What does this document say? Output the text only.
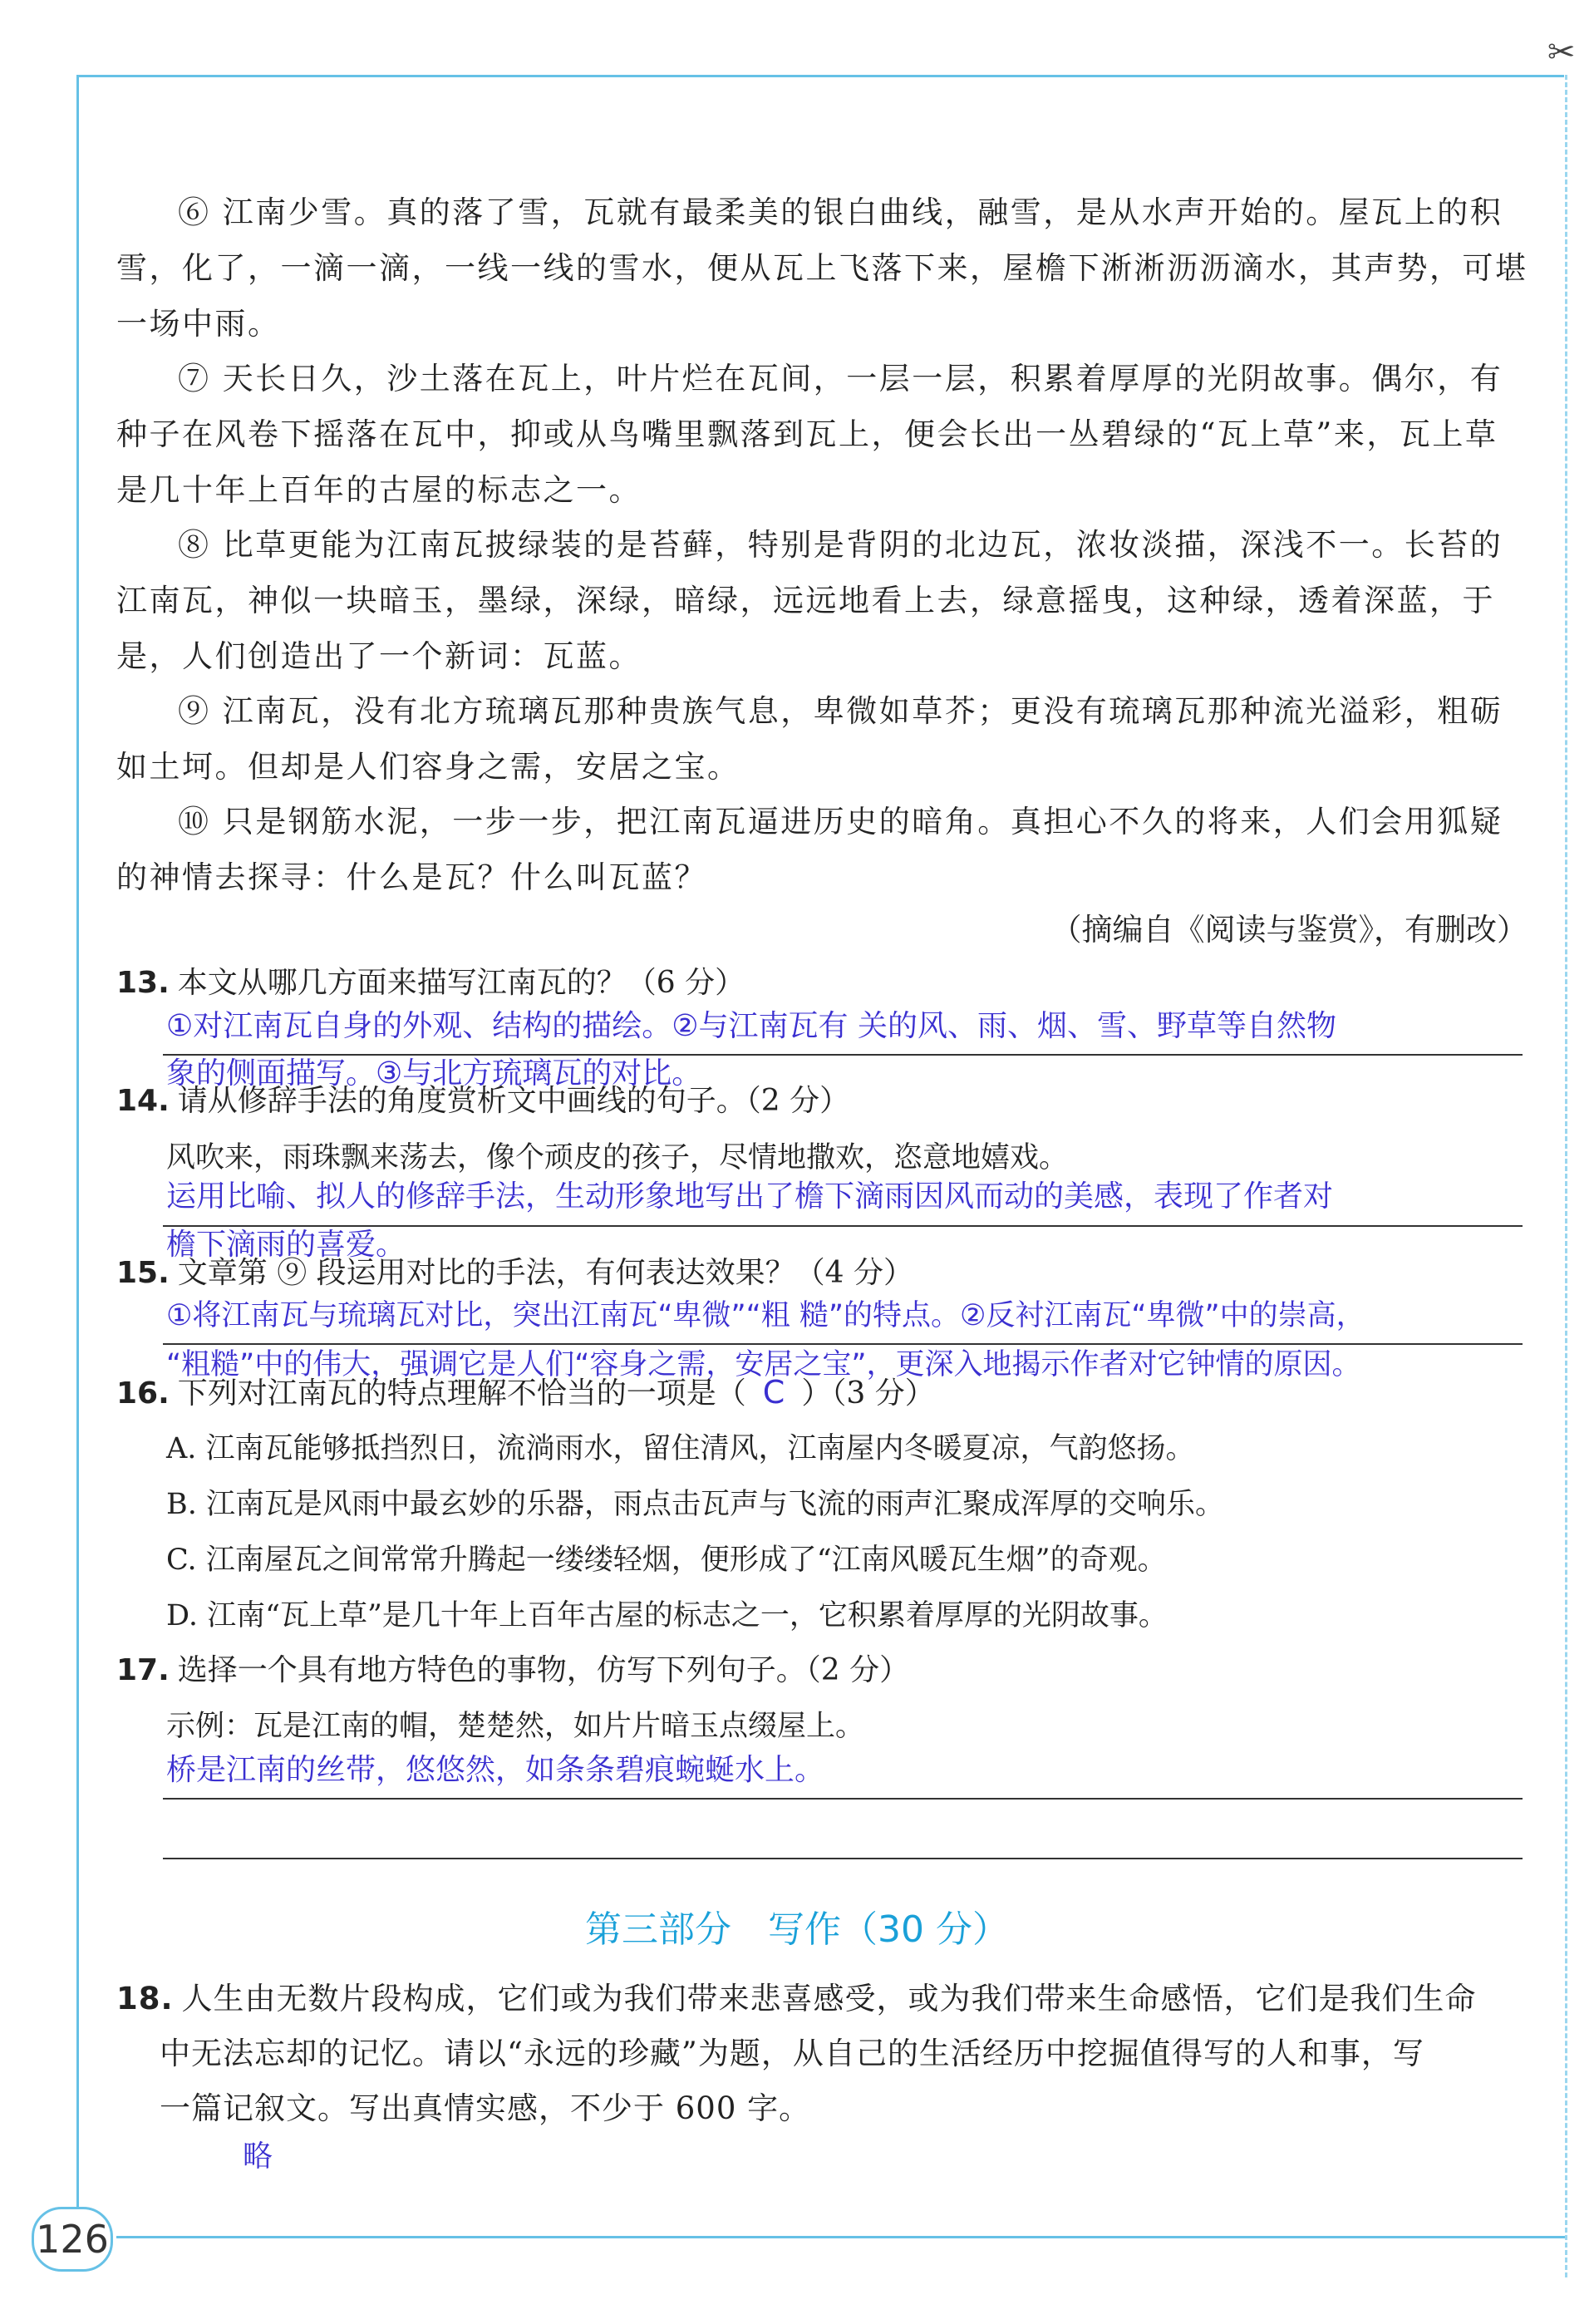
✂
⑥ 江南少雪。真的落了雪，瓦就有最柔美的银白曲线，融雪，是从水声开始的。屋瓦上的积雪，化了，一滴一滴，一线一线的雪水，便从瓦上飞落下来，屋檐下淅淅沥沥滴水，其声势，可堪一场中雨。
⑦ 天长日久，沙土落在瓦上，叶片烂在瓦间，一层一层，积累着厚厚的光阴故事。偶尔，有种子在风卷下摇落在瓦中，抑或从鸟嘴里飘落到瓦上，便会长出一丛碧绿的“瓦上草”来，瓦上草是几十年上百年的古屋的标志之一。
⑧ 比草更能为江南瓦披绿装的是苔藓，特别是背阴的北边瓦，浓妆淡描，深浅不一。长苔的江南瓦，神似一块暗玉，墨绿，深绿，暗绿，远远地看上去，绿意摇曳，这种绿，透着深蓝，于是，人们创造出了一个新词：瓦蓝。
⑨ 江南瓦，没有北方琉璃瓦那种贵族气息，卑微如草芥；更没有琉璃瓦那种流光溢彩，粗砺如土坷。但却是人们容身之需，安居之宝。
⑩ 只是钢筋水泥，一步一步，把江南瓦逼进历史的暗角。真担心不久的将来，人们会用狐疑的神情去探寻：什么是瓦？什么叫瓦蓝？
（摘编自《阅读与鉴赏》，有删改）
13. 本文从哪几方面来描写江南瓦的？（6 分）
①对江南瓦自身的外观、结构的描绘。②与江南瓦有 关的风、雨、烟、雪、野草等自然物
象的侧面描写。③与北方琉璃瓦的对比。
14. 请从修辞手法的角度赏析文中画线的句子。（2 分）
风吹来，雨珠飘来荡去，像个顽皮的孩子，尽情地撒欢，恣意地嬉戏。
运用比喻、拟人的修辞手法，生动形象地写出了檐下滴雨因风而动的美感，表现了作者对
檐下滴雨的喜爱。
15. 文章第 ⑨ 段运用对比的手法，有何表达效果？（4 分）
①将江南瓦与琉璃瓦对比，突出江南瓦“卑微”“粗 糙”的特点。②反衬江南瓦“卑微”中的崇高，
“粗糙”中的伟大，强调它是人们“容身之需，安居之宝”，更深入地揭示作者对它钟情的原因。
16. 下列对江南瓦的特点理解不恰当的一项是（ C ）（3 分）
A. 江南瓦能够抵挡烈日，流淌雨水，留住清风，江南屋内冬暖夏凉，气韵悠扬。
B. 江南瓦是风雨中最玄妙的乐器，雨点击瓦声与飞流的雨声汇聚成浑厚的交响乐。
C. 江南屋瓦之间常常升腾起一缕缕轻烟，便形成了“江南风暖瓦生烟”的奇观。
D. 江南“瓦上草”是几十年上百年古屋的标志之一，它积累着厚厚的光阴故事。
17. 选择一个具有地方特色的事物，仿写下列句子。（2 分）
示例：瓦是江南的帽，楚楚然，如片片暗玉点缀屋上。
桥是江南的丝带，悠悠然，如条条碧痕蜿蜒水上。
第三部分　写作（30 分）
18. 人生由无数片段构成，它们或为我们带来悲喜感受，或为我们带来生命感悟，它们是我们生命
中无法忘却的记忆。请以“永远的珍藏”为题，从自己的生活经历中挖掘值得写的人和事，写
一篇记叙文。写出真情实感，不少于 600 字。
略
126
